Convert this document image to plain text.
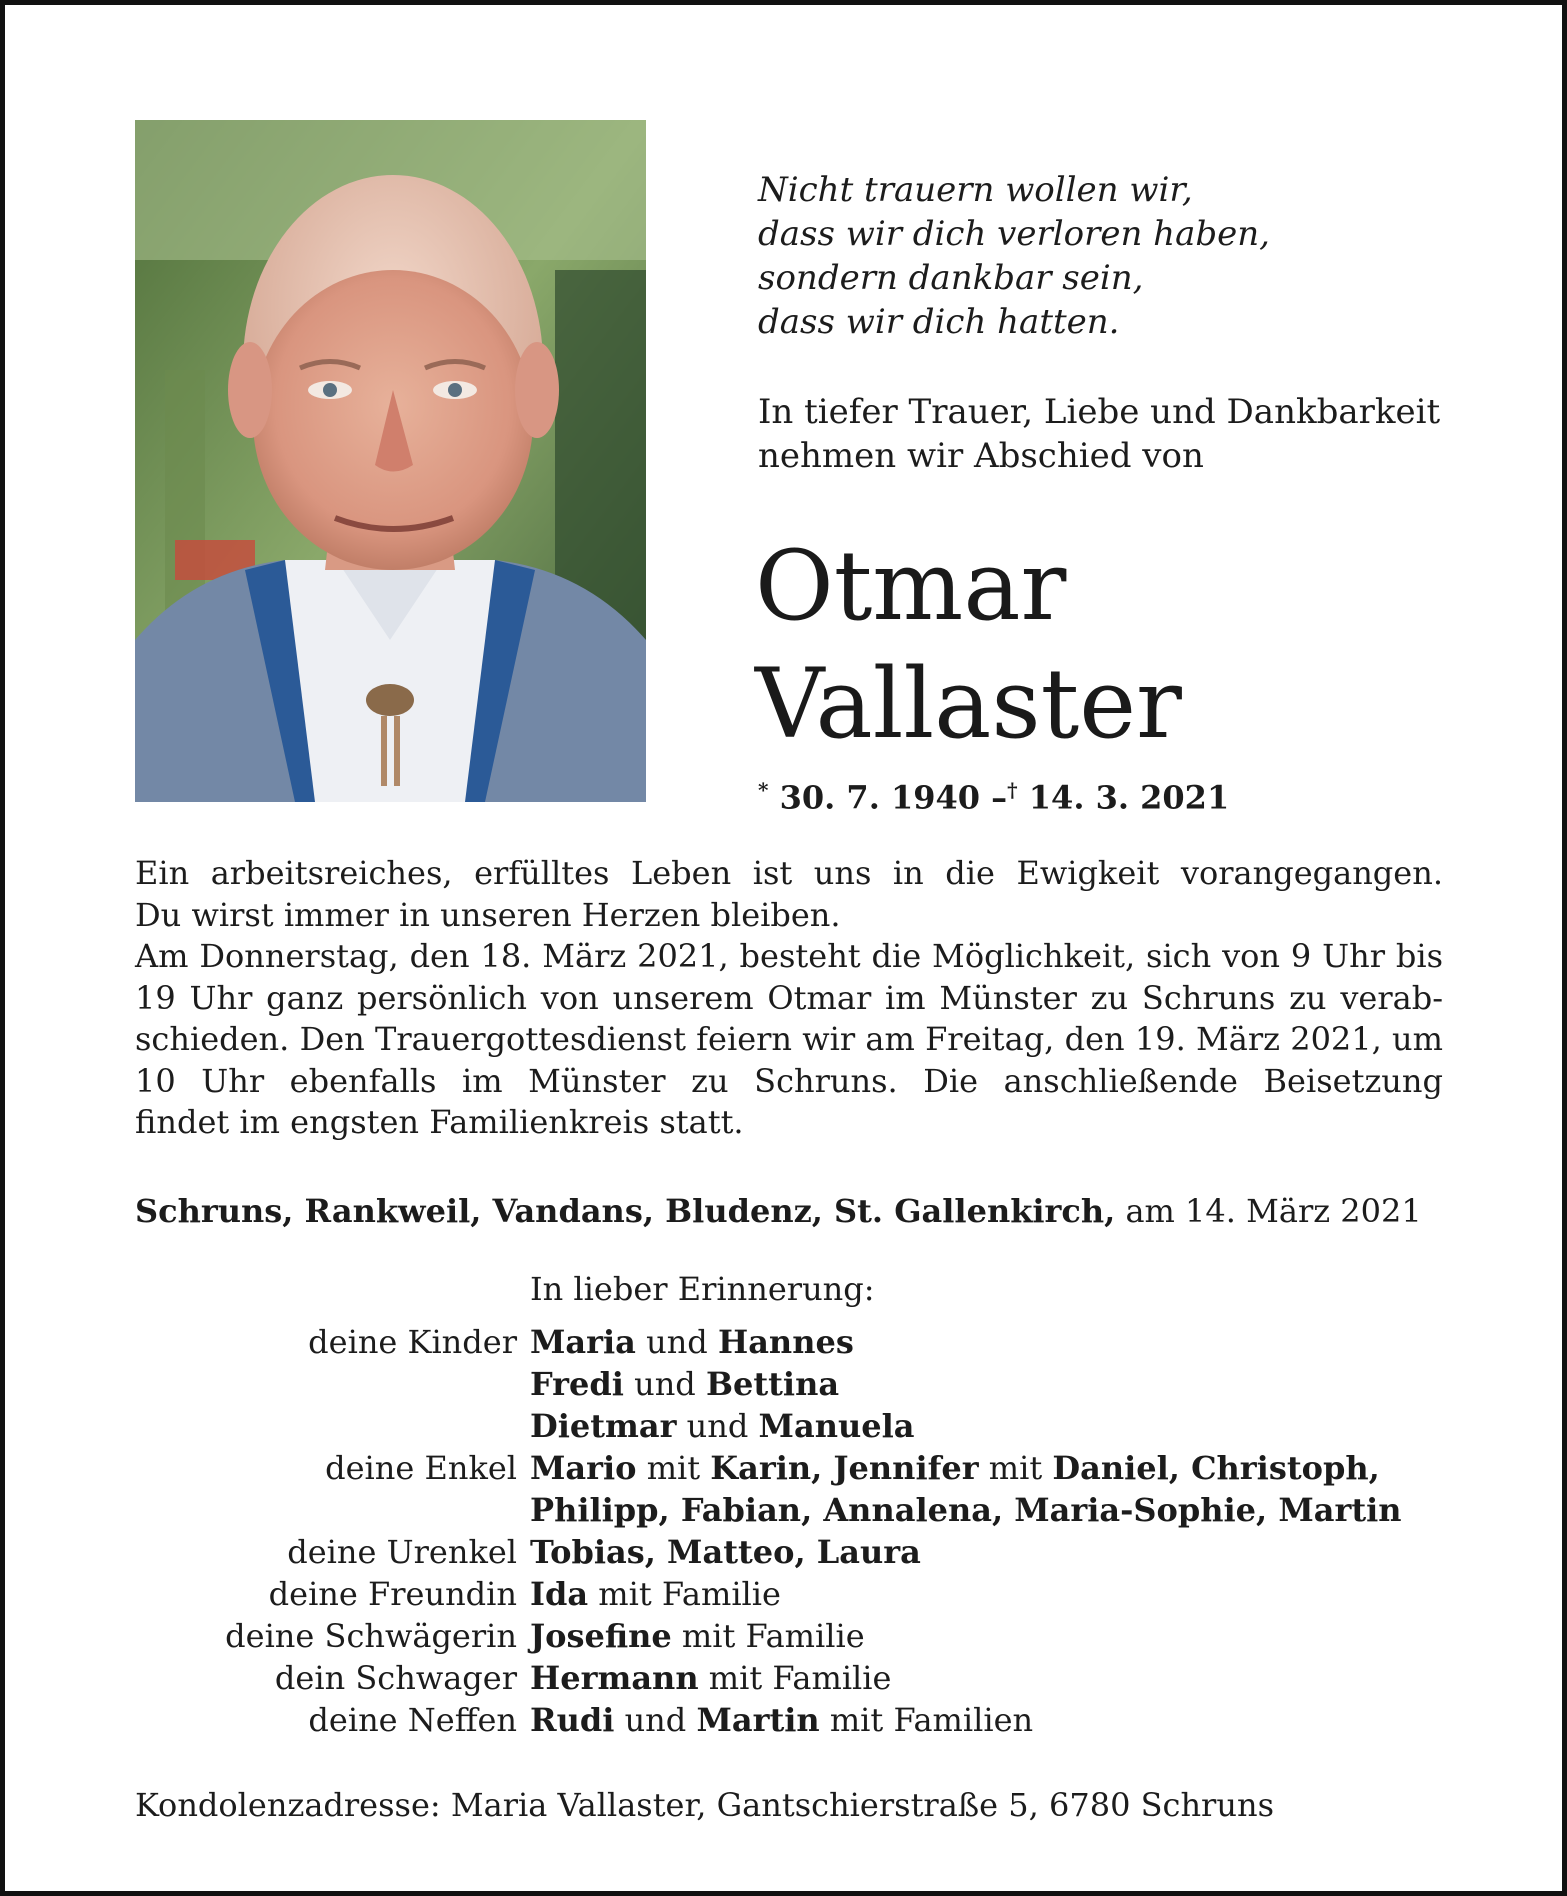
Nicht trauern wollen wir,
dass wir dich verloren haben,
sondern dankbar sein,
dass wir dich hatten.
In tiefer Trauer, Liebe und Dankbarkeit
nehmen wir Abschied von
Otmar
Vallaster
* 30. 7. 1940 –† 14. 3. 2021
Ein arbeitsreiches, erfülltes Leben ist uns in die Ewigkeit vorangegangen.
Du wirst immer in unseren Herzen bleiben.
Am Donnerstag, den 18. März 2021, besteht die Möglichkeit, sich von 9 Uhr bis 19 Uhr ganz persönlich von unserem Otmar im Münster zu Schruns zu verabschieden. Den Trauergottesdienst feiern wir am Freitag, den 19. März 2021, um 10 Uhr ebenfalls im Münster zu Schruns. Die anschließende Beisetzung
findet im engsten Familienkreis statt.
Schruns, Rankweil, Vandans, Bludenz, St. Gallenkirch, am 14. März 2021
In lieber Erinnerung:
deine Kinder Maria und Hannes
Fredi und Bettina
Dietmar und Manuela
deine Enkel Mario mit Karin, Jennifer mit Daniel, Christoph,
Philipp, Fabian, Annalena, Maria-Sophie, Martin
deine Urenkel Tobias, Matteo, Laura
deine Freundin Ida mit Familie
deine Schwägerin Josefine mit Familie
dein Schwager Hermann mit Familie
deine Neffen Rudi und Martin mit Familien
Kondolenzadresse: Maria Vallaster, Gantschierstraße 5, 6780 Schruns
